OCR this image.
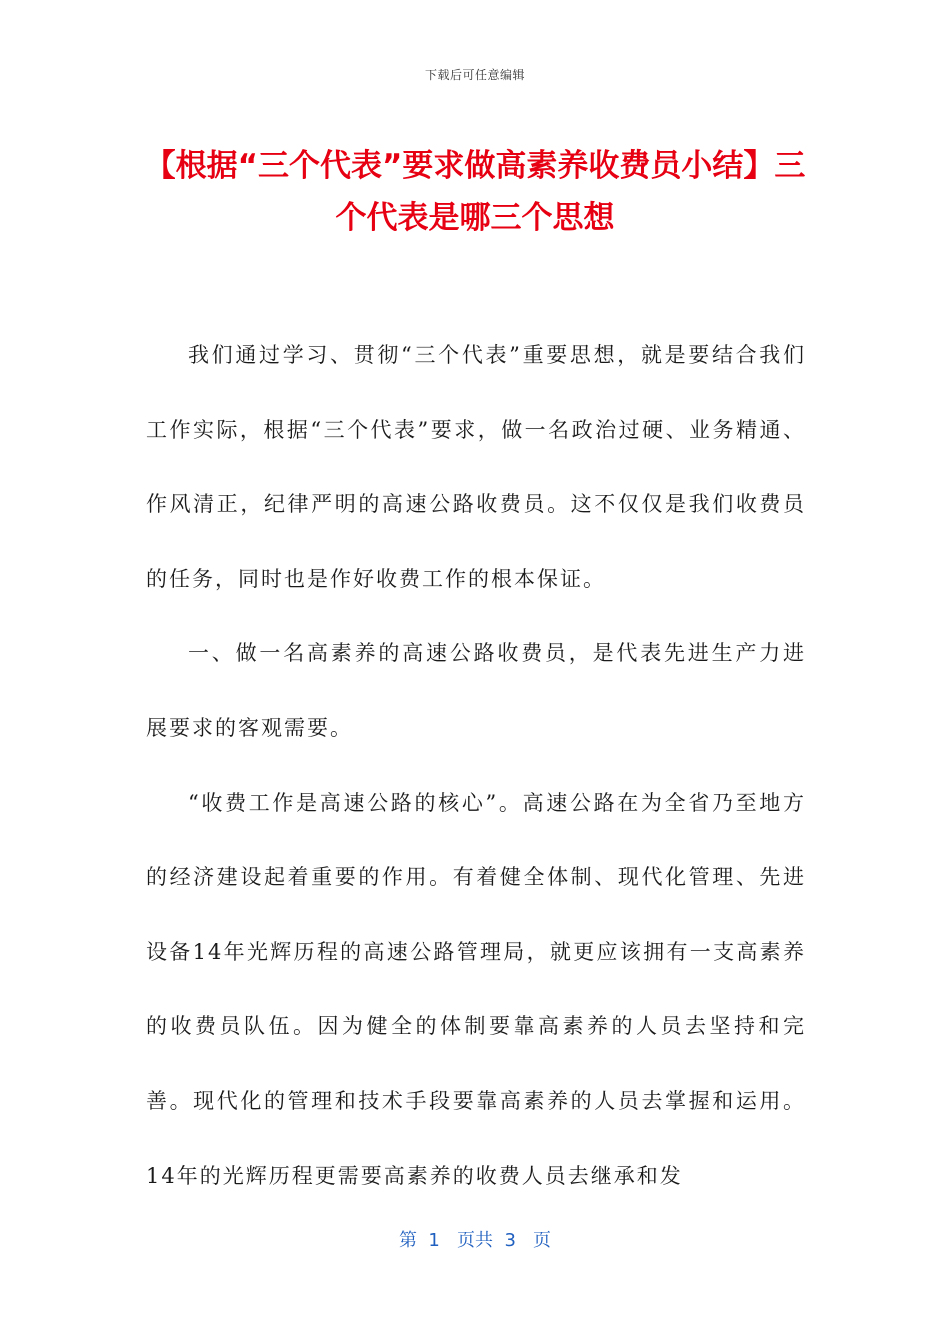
下载后可任意编辑
【根据“三个代表”要求做高素养收费员小结】三个代表是哪三个思想

我们通过学习、贯彻“三个代表”重要思想，就是要结合我们工作实际，根据“三个代表”要求，做一名政治过硬、业务精通、作风清正，纪律严明的高速公路收费员。这不仅仅是我们收费员的任务，同时也是作好收费工作的根本保证。

一、做一名高素养的高速公路收费员，是代表先进生产力进展要求的客观需要。

“收费工作是高速公路的核心”。高速公路在为全省乃至地方的经济建设起着重要的作用。有着健全体制、现代化管理、先进设备14年光辉历程的高速公路管理局，就更应该拥有一支高素养的收费员队伍。因为健全的体制要靠高素养的人员去坚持和完善。现代化的管理和技术手段要靠高素养的人员去掌握和运用。14年的光辉历程更需要高素养的收费人员去继承和发

第  1   页共  3   页
